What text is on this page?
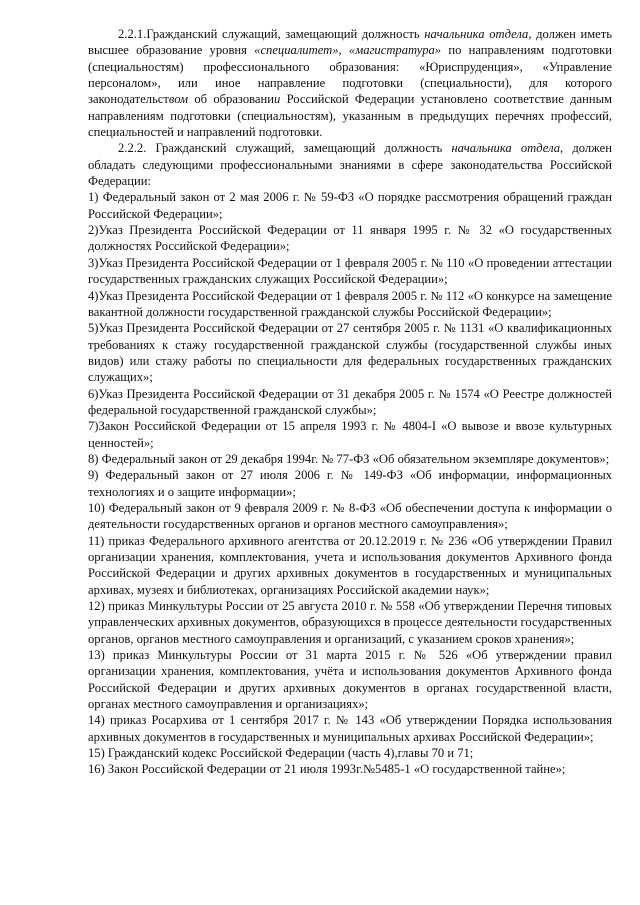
2.2.1.Гражданский служащий, замещающий должность начальника отдела, должен иметь высшее образование уровня «специалитет», «магистратура» по направлениям подготовки (специальностям) профессионального образования: «Юриспруденция», «Управление персоналом», или иное направление подготовки (специальности), для которого законодательством об образовании Российской Федерации установлено соответствие данным направлениям подготовки (специальностям), указанным в предыдущих перечнях профессий, специальностей и направлений подготовки.

2.2.2. Гражданский служащий, замещающий должность начальника отдела, должен обладать следующими профессиональными знаниями в сфере законодательства Российской Федерации:

1) Федеральный закон от 2 мая 2006 г. № 59-ФЗ «О порядке рассмотрения обращений граждан Российской Федерации»;

2)Указ Президента Российской Федерации от 11 января 1995 г. № 32 «О государственных должностях Российской Федерации»;

3)Указ Президента Российской Федерации от 1 февраля 2005 г. № 110 «О проведении аттестации государственных гражданских служащих Российской Федерации»;

4)Указ Президента Российской Федерации от 1 февраля 2005 г. № 112 «О конкурсе на замещение вакантной должности государственной гражданской службы Российской Федерации»;

5)Указ Президента Российской Федерации от 27 сентября 2005 г. № 1131 «О квалификационных требованиях к стажу государственной гражданской службы (государственной службы иных видов) или стажу работы по специальности для федеральных государственных гражданских служащих»;

6)Указ Президента Российской Федерации от 31 декабря 2005 г. № 1574 «О Реестре должностей федеральной государственной гражданской службы»;

7)Закон Российской Федерации от 15 апреля 1993 г. № 4804-I «О вывозе и ввозе культурных ценностей»;

8) Федеральный закон от 29 декабря 1994г. № 77-ФЗ «Об обязательном экземпляре документов»;

9) Федеральный закон от 27 июля 2006 г. № 149-ФЗ «Об информации, информационных технологиях и о защите информации»;

10) Федеральный закон от 9 февраля 2009 г. № 8-ФЗ «Об обеспечении доступа к информации о деятельности государственных органов и органов местного самоуправления»;

11) приказ Федерального архивного агентства от 20.12.2019 г. № 236 «Об утверждении Правил организации хранения, комплектования, учета и использования документов Архивного фонда Российской Федерации и других архивных документов в государственных и муниципальных архивах, музеях и библиотеках, организациях Российской академии наук»;

12) приказ Минкультуры России от 25 августа 2010 г. № 558 «Об утверждении Перечня типовых управленческих архивных документов, образующихся в процессе деятельности государственных органов, органов местного самоуправления и организаций, с указанием сроков хранения»;

13) приказ Минкультуры России от 31 марта 2015 г. № 526 «Об утверждении правил организации хранения, комплектования, учёта и использования документов Архивного фонда Российской Федерации и других архивных документов в органах государственной власти, органах местного самоуправления и организациях»;

14) приказ Росархива от 1 сентября 2017 г. № 143 «Об утверждении Порядка использования архивных документов в государственных и муниципальных архивах Российской Федерации»;

15) Гражданский кодекс Российской Федерации (часть 4),главы 70 и 71;

16) Закон Российской Федерации от 21 июля 1993г.№5485-1 «О государственной тайне»;
